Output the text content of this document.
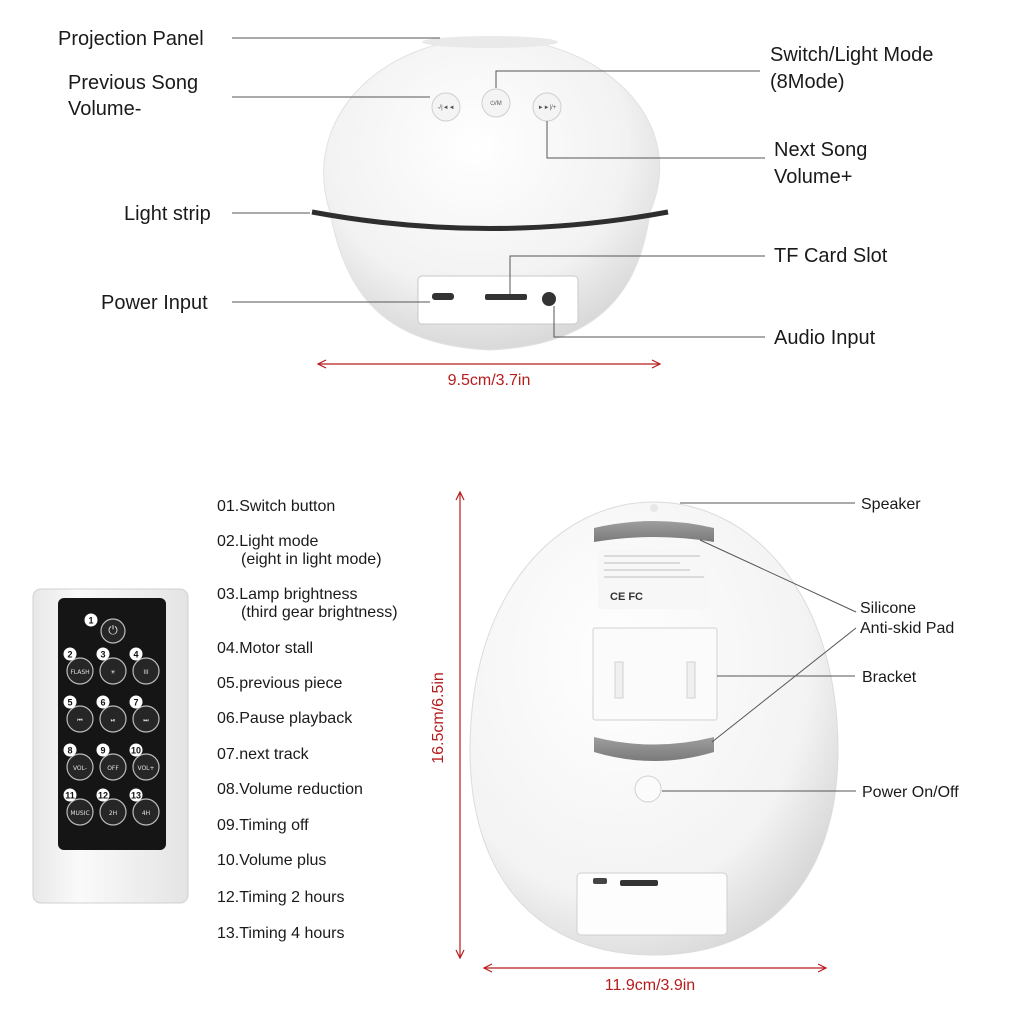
-/|◄◄
⏻/M
►►|/+
Projection Panel
Previous Song
Volume-
Switch/Light Mode
(8Mode)
Next Song
Volume+
Light strip
TF Card Slot
Power Input
Audio Input
9.5cm/3.7in
⏻
1
FLASH
2
☀
3
III
4
⏮
5
⏯
6
⏭
7
VOL-
8
OFF
9
VOL+
10
MUSIC
11
2H
12
4H
13
01.Switch button
02.Light mode
(eight in light mode)
03.Lamp brightness
(third gear brightness)
04.Motor stall
05.previous piece
06.Pause playback
07.next track
08.Volume reduction
09.Timing off
10.Volume plus
12.Timing 2 hours
13.Timing 4 hours
CE FC
Speaker
Silicone
Anti-skid Pad
Bracket
Power On/Off
16.5cm/6.5in
11.9cm/3.9in
